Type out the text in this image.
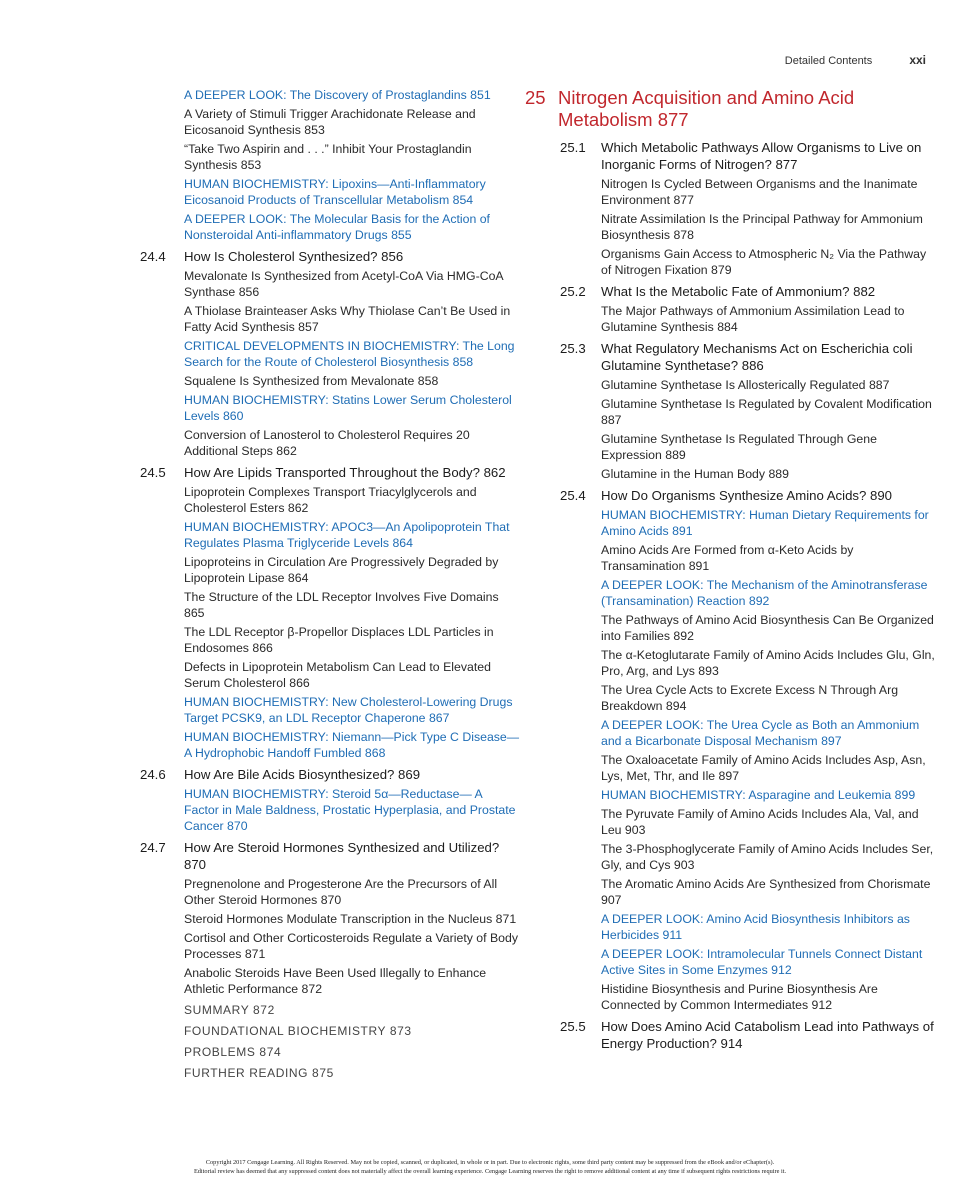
Detailed Contents	xxi
A DEEPER LOOK: The Discovery of Prostaglandins 851
A Variety of Stimuli Trigger Arachidonate Release and Eicosanoid Synthesis 853
“Take Two Aspirin and . . .” Inhibit Your Prostaglandin Synthesis 853
HUMAN BIOCHEMISTRY: Lipoxins—Anti-Inflammatory Eicosanoid Products of Transcellular Metabolism 854
A DEEPER LOOK: The Molecular Basis for the Action of Nonsteroidal Anti-inflammatory Drugs 855
24.4 How Is Cholesterol Synthesized? 856
Mevalonate Is Synthesized from Acetyl-CoA Via HMG-CoA Synthase 856
A Thiolase Brainteaser Asks Why Thiolase Can’t Be Used in Fatty Acid Synthesis 857
CRITICAL DEVELOPMENTS IN BIOCHEMISTRY: The Long Search for the Route of Cholesterol Biosynthesis 858
Squalene Is Synthesized from Mevalonate 858
HUMAN BIOCHEMISTRY: Statins Lower Serum Cholesterol Levels 860
Conversion of Lanosterol to Cholesterol Requires 20 Additional Steps 862
24.5 How Are Lipids Transported Throughout the Body? 862
Lipoprotein Complexes Transport Triacylglycerols and Cholesterol Esters 862
HUMAN BIOCHEMISTRY: APOC3—An Apolipoprotein That Regulates Plasma Triglyceride Levels 864
Lipoproteins in Circulation Are Progressively Degraded by Lipoprotein Lipase 864
The Structure of the LDL Receptor Involves Five Domains 865
The LDL Receptor β-Propellor Displaces LDL Particles in Endosomes 866
Defects in Lipoprotein Metabolism Can Lead to Elevated Serum Cholesterol 866
HUMAN BIOCHEMISTRY: New Cholesterol-Lowering Drugs Target PCSK9, an LDL Receptor Chaperone 867
HUMAN BIOCHEMISTRY: Niemann—Pick Type C Disease—A Hydrophobic Handoff Fumbled 868
24.6 How Are Bile Acids Biosynthesized? 869
HUMAN BIOCHEMISTRY: Steroid 5α—Reductase— A Factor in Male Baldness, Prostatic Hyperplasia, and Prostate Cancer 870
24.7 How Are Steroid Hormones Synthesized and Utilized? 870
Pregnenolone and Progesterone Are the Precursors of All Other Steroid Hormones 870
Steroid Hormones Modulate Transcription in the Nucleus 871
Cortisol and Other Corticosteroids Regulate a Variety of Body Processes 871
Anabolic Steroids Have Been Used Illegally to Enhance Athletic Performance 872
SUMMARY 872
FOUNDATIONAL BIOCHEMISTRY 873
PROBLEMS 874
FURTHER READING 875
25 Nitrogen Acquisition and Amino Acid Metabolism 877
25.1 Which Metabolic Pathways Allow Organisms to Live on Inorganic Forms of Nitrogen? 877
Nitrogen Is Cycled Between Organisms and the Inanimate Environment 877
Nitrate Assimilation Is the Principal Pathway for Ammonium Biosynthesis 878
Organisms Gain Access to Atmospheric N₂ Via the Pathway of Nitrogen Fixation 879
25.2 What Is the Metabolic Fate of Ammonium? 882
The Major Pathways of Ammonium Assimilation Lead to Glutamine Synthesis 884
25.3 What Regulatory Mechanisms Act on Escherichia coli Glutamine Synthetase? 886
Glutamine Synthetase Is Allosterically Regulated 887
Glutamine Synthetase Is Regulated by Covalent Modification 887
Glutamine Synthetase Is Regulated Through Gene Expression 889
Glutamine in the Human Body 889
25.4 How Do Organisms Synthesize Amino Acids? 890
HUMAN BIOCHEMISTRY: Human Dietary Requirements for Amino Acids 891
Amino Acids Are Formed from α-Keto Acids by Transamination 891
A DEEPER LOOK: The Mechanism of the Aminotransferase (Transamination) Reaction 892
The Pathways of Amino Acid Biosynthesis Can Be Organized into Families 892
The α-Ketoglutarate Family of Amino Acids Includes Glu, Gln, Pro, Arg, and Lys 893
The Urea Cycle Acts to Excrete Excess N Through Arg Breakdown 894
A DEEPER LOOK: The Urea Cycle as Both an Ammonium and a Bicarbonate Disposal Mechanism 897
The Oxaloacetate Family of Amino Acids Includes Asp, Asn, Lys, Met, Thr, and Ile 897
HUMAN BIOCHEMISTRY: Asparagine and Leukemia 899
The Pyruvate Family of Amino Acids Includes Ala, Val, and Leu 903
The 3-Phosphoglycerate Family of Amino Acids Includes Ser, Gly, and Cys 903
The Aromatic Amino Acids Are Synthesized from Chorismate 907
A DEEPER LOOK: Amino Acid Biosynthesis Inhibitors as Herbicides 911
A DEEPER LOOK: Intramolecular Tunnels Connect Distant Active Sites in Some Enzymes 912
Histidine Biosynthesis and Purine Biosynthesis Are Connected by Common Intermediates 912
25.5 How Does Amino Acid Catabolism Lead into Pathways of Energy Production? 914

Copyright 2017 Cengage Learning. All Rights Reserved. May not be copied, scanned, or duplicated, in whole or in part. Due to electronic rights, some third party content may be suppressed from the eBook and/or eChapter(s).

Editorial review has deemed that any suppressed content does not materially affect the overall learning experience. Cengage Learning reserves the right to remove additional content at any time if subsequent rights restrictions require it.
